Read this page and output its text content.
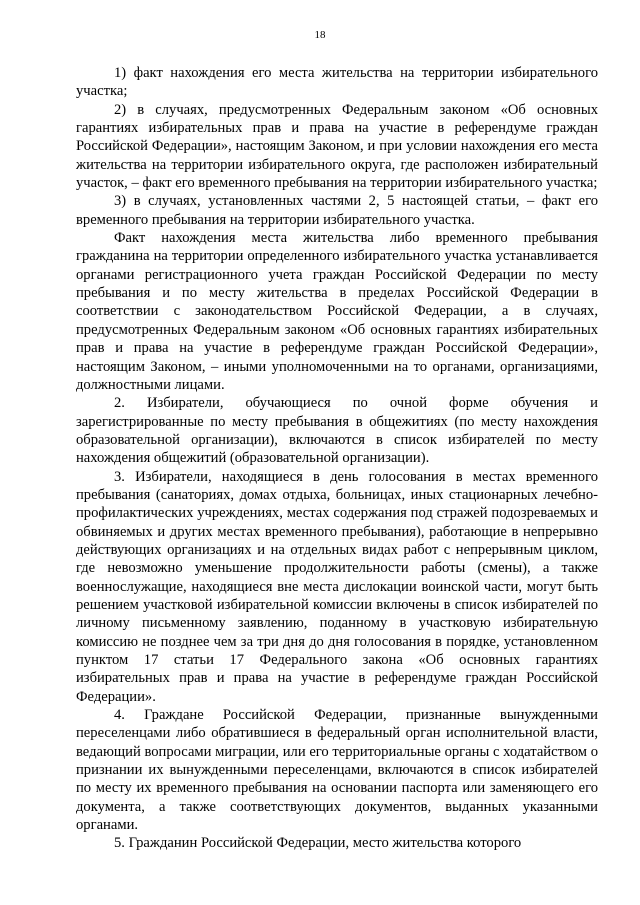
18

1) факт нахождения его места жительства на территории избирательного участка;

2) в случаях, предусмотренных Федеральным законом «Об основных гарантиях избирательных прав и права на участие в референдуме граждан Российской Федерации», настоящим Законом, и при условии нахождения его места жительства на территории избирательного округа, где расположен избирательный участок, – факт его временного пребывания на территории избирательного участка;

3) в случаях, установленных частями 2, 5 настоящей статьи, – факт его временного пребывания на территории избирательного участка.

Факт нахождения места жительства либо временного пребывания гражданина на территории определенного избирательного участка устанавливается органами регистрационного учета граждан Российской Федерации по месту пребывания и по месту жительства в пределах Российской Федерации в соответствии с законодательством Российской Федерации, а в случаях, предусмотренных Федеральным законом «Об основных гарантиях избирательных прав и права на участие в референдуме граждан Российской Федерации», настоящим Законом, – иными уполномоченными на то органами, организациями, должностными лицами.

2. Избиратели, обучающиеся по очной форме обучения и зарегистрированные по месту пребывания в общежитиях (по месту нахождения образовательной организации), включаются в список избирателей по месту нахождения общежитий (образовательной организации).

3. Избиратели, находящиеся в день голосования в местах временного пребывания (санаториях, домах отдыха, больницах, иных стационарных лечебно-профилактических учреждениях, местах содержания под стражей подозреваемых и обвиняемых и других местах временного пребывания), работающие в непрерывно действующих организациях и на отдельных видах работ с непрерывным циклом, где невозможно уменьшение продолжительности работы (смены), а также военнослужащие, находящиеся вне места дислокации воинской части, могут быть решением участковой избирательной комиссии включены в список избирателей по личному письменному заявлению, поданному в участковую избирательную комиссию не позднее чем за три дня до дня голосования в порядке, установленном пунктом 17 статьи 17 Федерального закона «Об основных гарантиях избирательных прав и права на участие в референдуме граждан Российской Федерации».

4. Граждане Российской Федерации, признанные вынужденными переселенцами либо обратившиеся в федеральный орган исполнительной власти, ведающий вопросами миграции, или его территориальные органы с ходатайством о признании их вынужденными переселенцами, включаются в список избирателей по месту их временного пребывания на основании паспорта или заменяющего его документа, а также соответствующих документов, выданных указанными органами.

5. Гражданин Российской Федерации, место жительства которого
